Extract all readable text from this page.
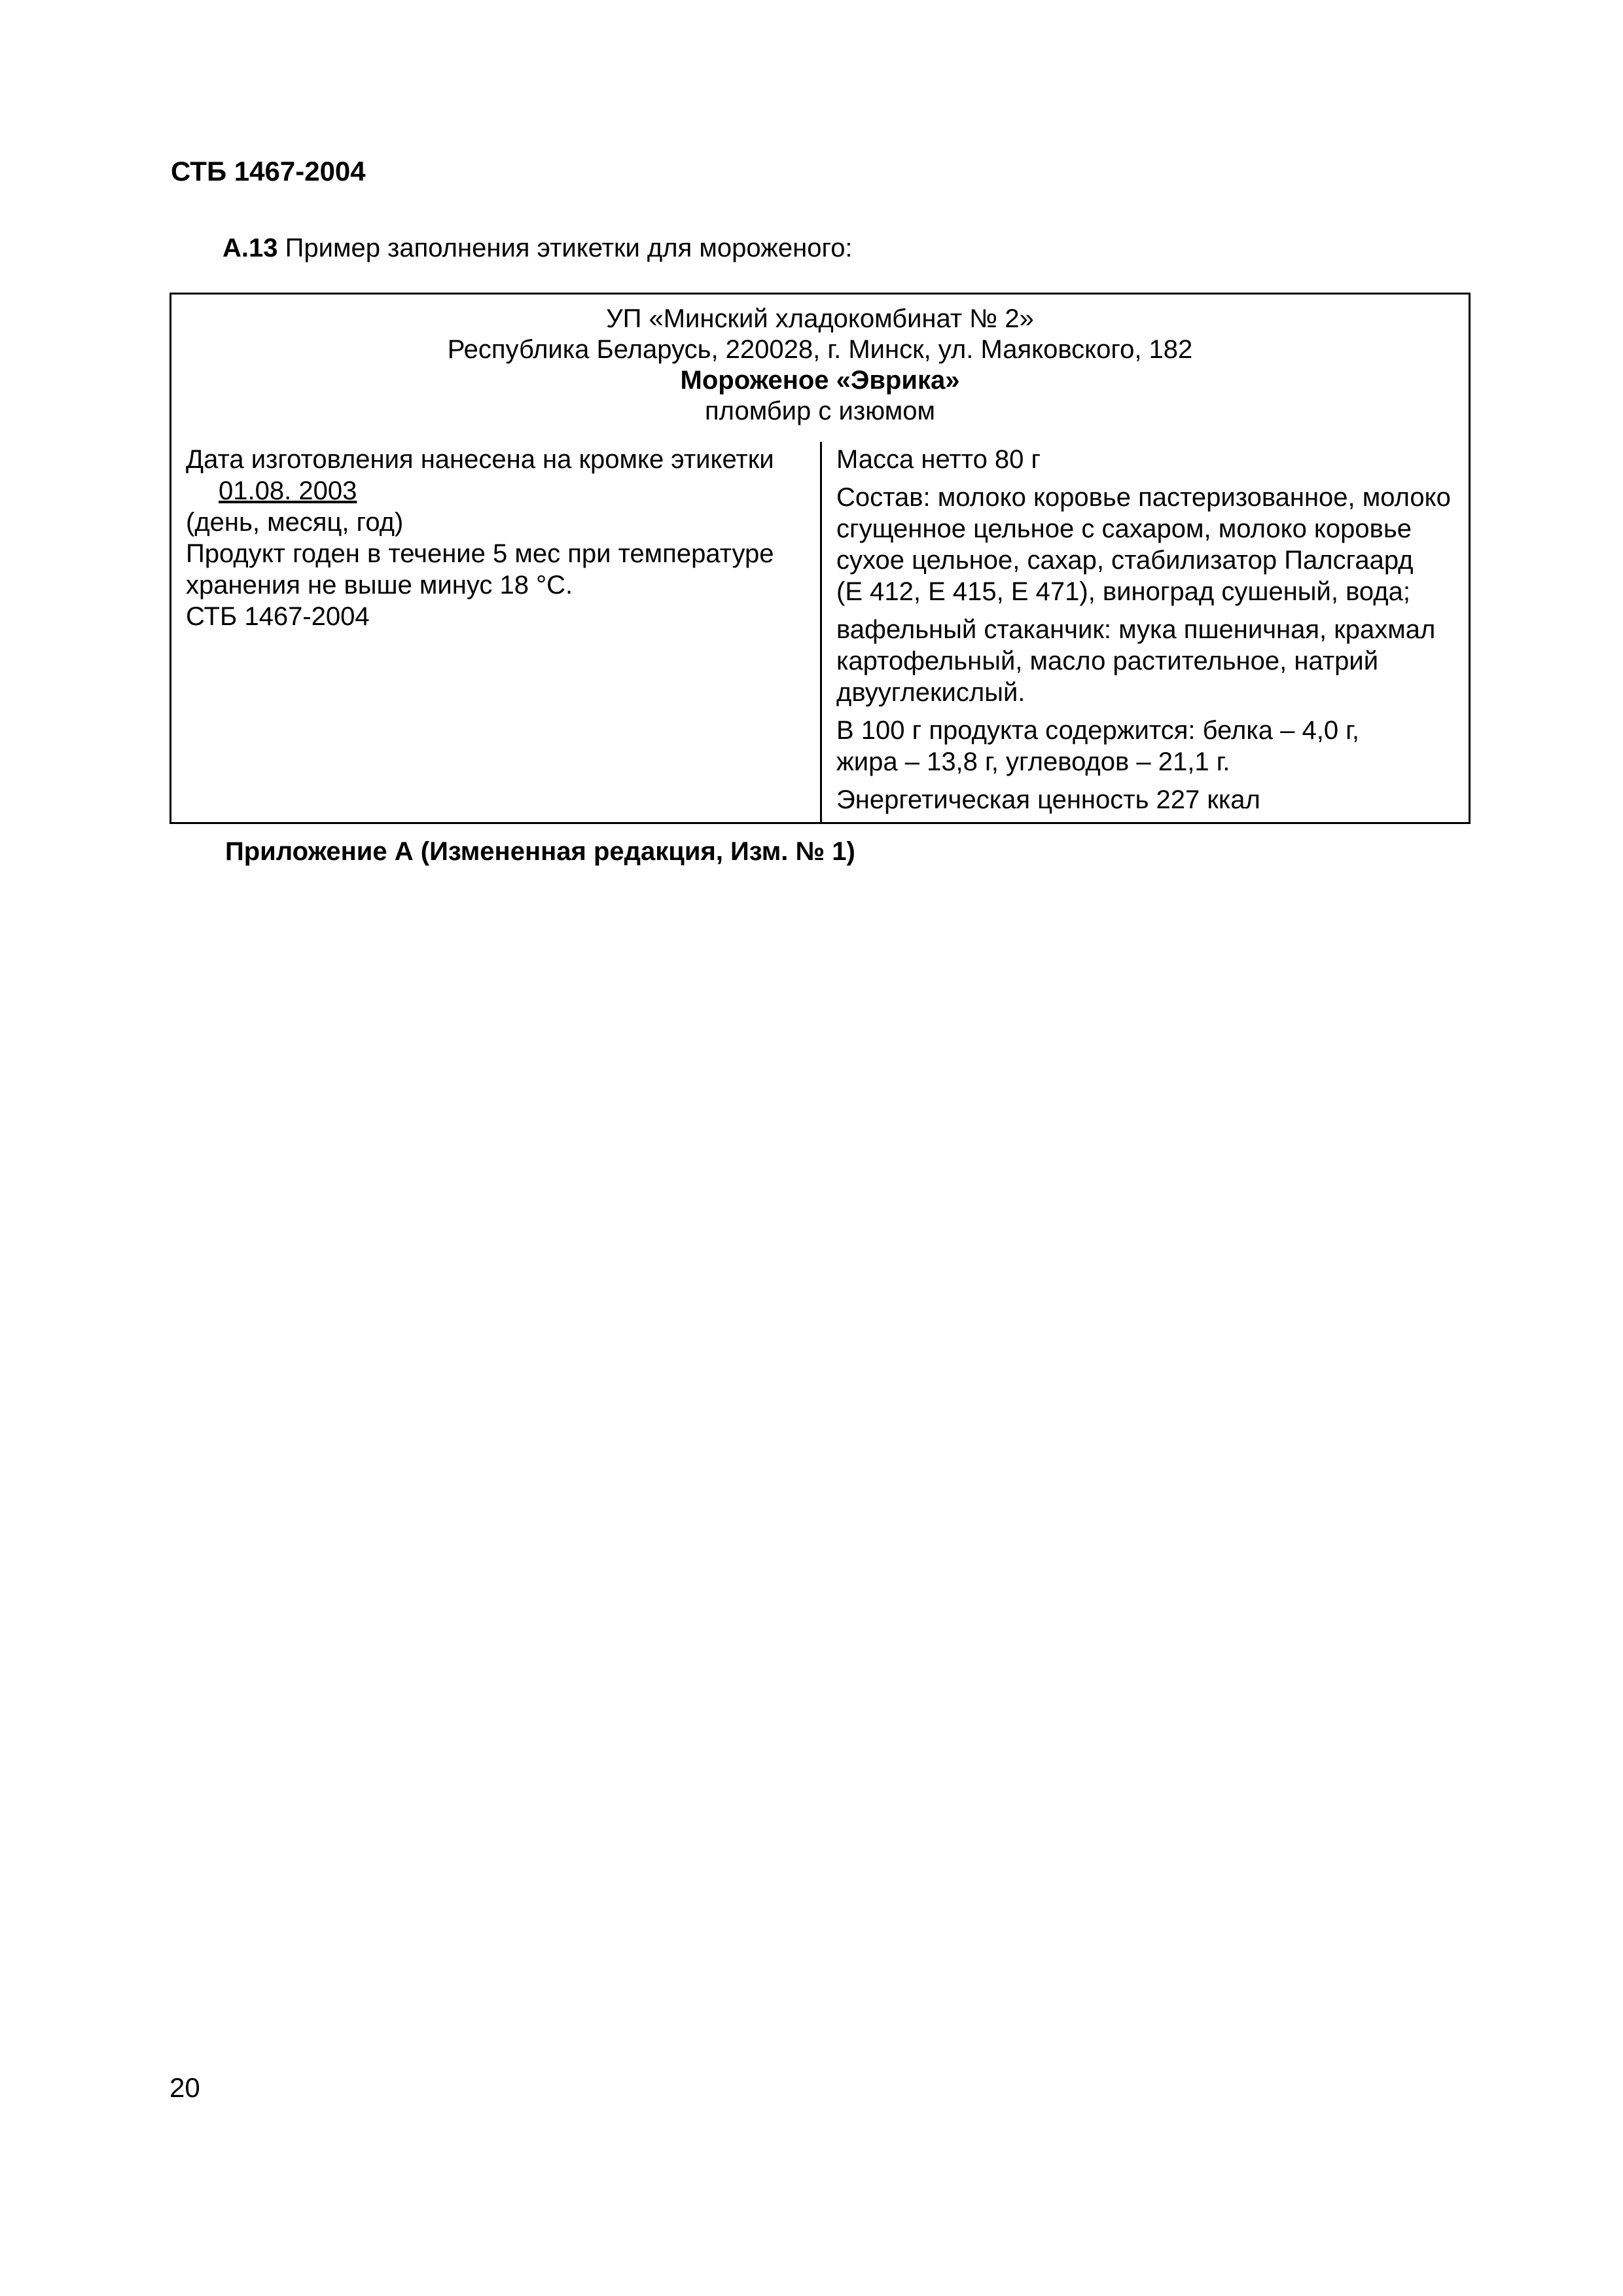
СТБ 1467-2004
А.13 Пример заполнения этикетки для мороженого:
УП «Минский хладокомбинат № 2»
Республика Беларусь, 220028, г. Минск, ул. Маяковского, 182
Мороженое «Эврика»
пломбир с изюмом
Дата изготовления нанесена на кромке этикетки
01.08. 2003
(день, месяц, год)
Продукт годен в течение 5 мес при температуре
хранения не выше минус 18 °С.
СТБ 1467-2004
Масса нетто 80 г
Состав: молоко коровье пастеризованное, молоко
сгущенное цельное с сахаром, молоко коровье
сухое цельное, сахар, стабилизатор Палсгаард
(Е 412, Е 415, Е 471), виноград сушеный, вода;
вафельный стаканчик: мука пшеничная, крахмал
картофельный, масло растительное, натрий
двууглекислый.
В 100 г продукта содержится: белка – 4,0 г,
жира – 13,8 г, углеводов – 21,1 г.
Энергетическая ценность 227 ккал
Приложение А (Измененная редакция, Изм. № 1)
20
